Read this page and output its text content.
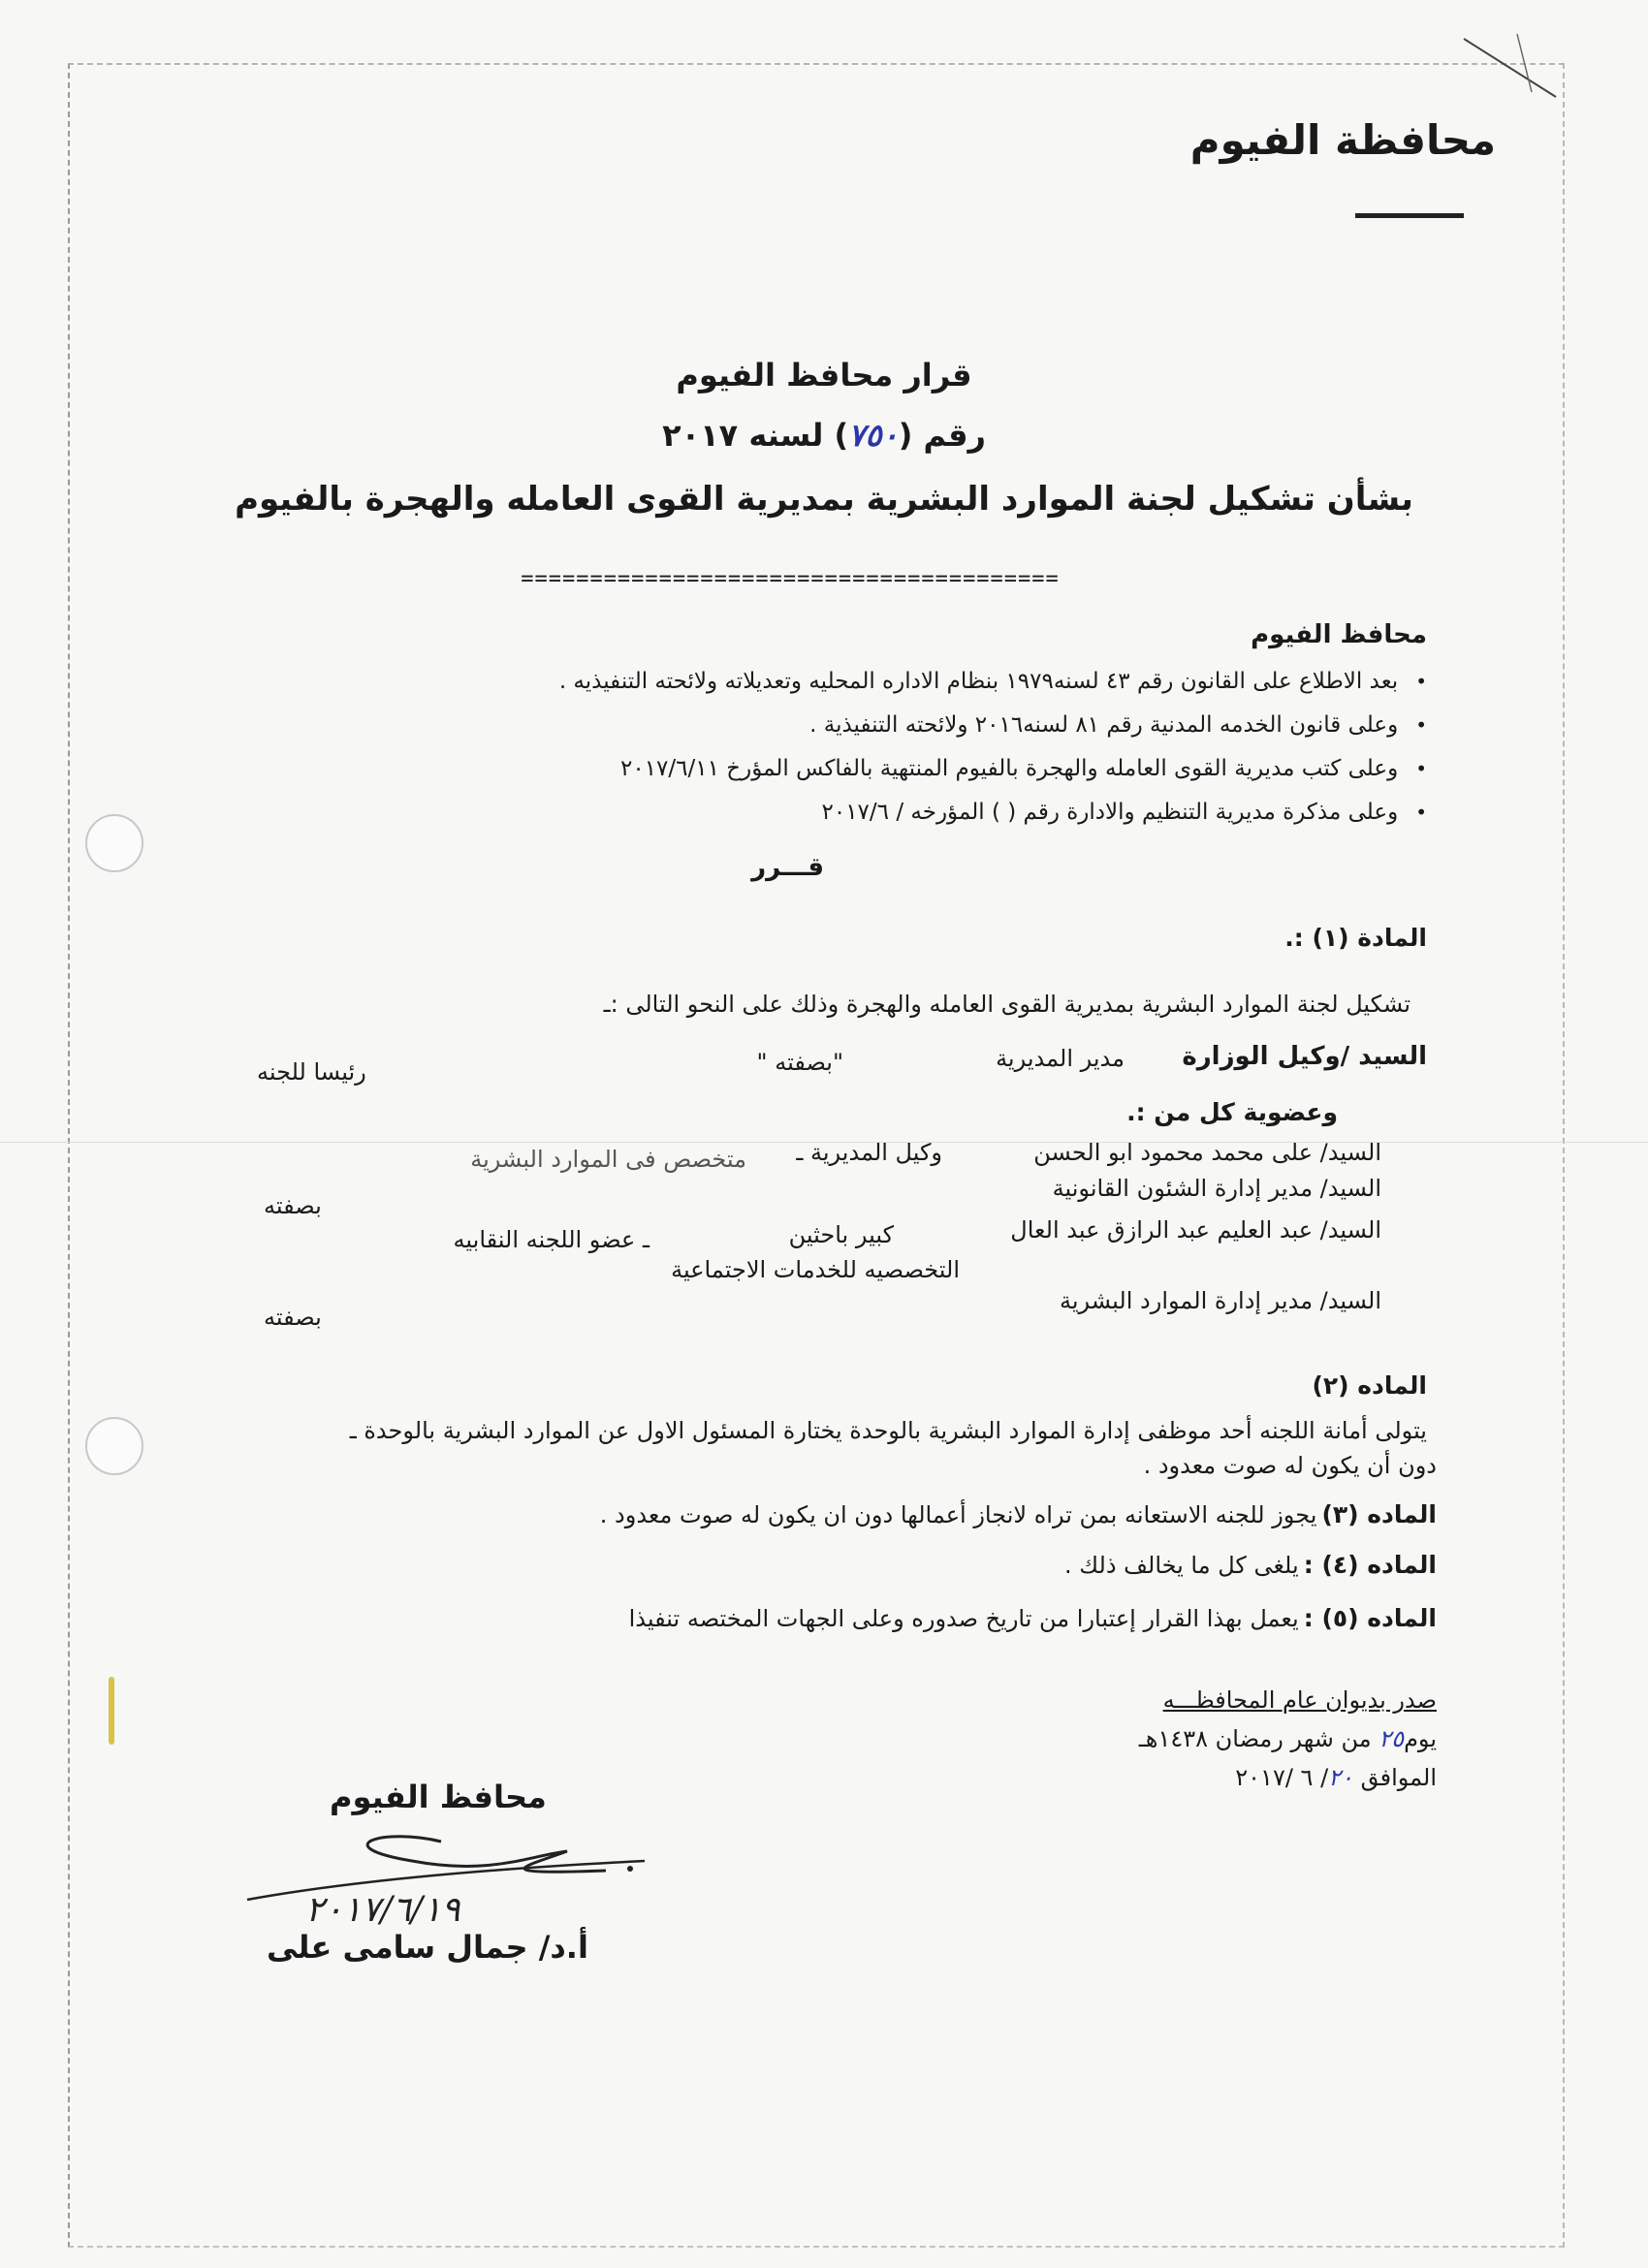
محافظة الفيوم
قرار محافظ الفيوم
رقم (٧٥٠) لسنه ٢٠١٧
بشأن تشكيل لجنة الموارد البشرية بمديرية القوى العامله والهجرة بالفيوم
=======================================
محافظ الفيوم
•بعد الاطلاع على القانون رقم ٤٣ لسنه١٩٧٩ بنظام الاداره المحليه وتعديلاته ولائحته التنفيذيه .
•وعلى قانون الخدمه المدنية رقم ٨١ لسنه٢٠١٦ ولائحته التنفيذية .
•وعلى كتب مديرية القوى العامله والهجرة بالفيوم المنتهية بالفاكس المؤرخ ٢٠١٧/٦/١١
•وعلى مذكرة مديرية التنظيم والادارة رقم ( ) المؤرخه / ٢٠١٧/٦
قـــرر
المادة (١) :.
تشكيل لجنة الموارد البشرية بمديرية القوى العامله والهجرة وذلك على النحو التالى :ـ
السيد /وكيل الوزارة
مدير المديرية
"بصفته "
رئيسا للجنه
وعضوية كل من :.
السيد/ على محمد محمود ابو الحسن
وكيل المديرية ـ
متخصص فى الموارد البشرية
السيد/ مدير إدارة الشئون القانونية
بصفته
السيد/ عبد العليم عبد الرازق عبد العال
كبير باحثين
ـ عضو اللجنه النقابيه
التخصصيه للخدمات الاجتماعية
السيد/ مدير إدارة الموارد البشرية
بصفته
الماده (٢)
يتولى أمانة اللجنه أحد موظفى إدارة الموارد البشرية بالوحدة يختارة المسئول الاول عن الموارد البشرية بالوحدة ـ
دون أن يكون له صوت معدود .
الماده (٣) يجوز للجنه الاستعانه بمن تراه لانجاز أعمالها دون ان يكون له صوت معدود .
الماده (٤) : يلغى كل ما يخالف ذلك .
الماده (٥) : يعمل بهذا القرار إعتبارا من تاريخ صدوره وعلى الجهات المختصه تنفيذا
صدر بديوان عام المحافظـــه
يوم٢٥ من شهر رمضان ١٤٣٨هـ
الموافق ٢٠/ ٦ /٢٠١٧
محافظ الفيوم
٢٠١٧/٦/١٩
أ.د/ جمال سامى على
